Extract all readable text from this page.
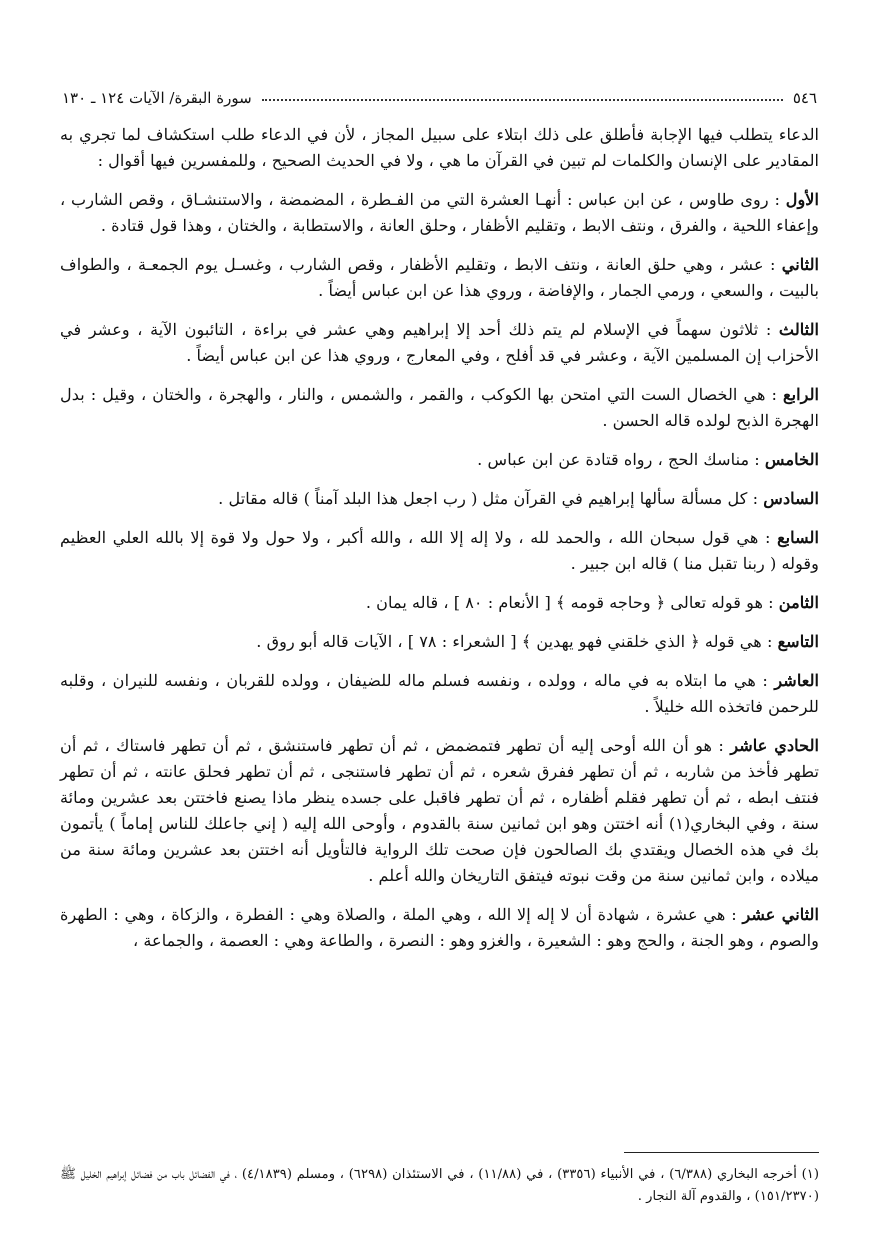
٥٤٦
سورة البقرة/ الآيات ١٢٤ ـ ١٣٠

الدعاء يتطلب فيها الإجابة فأطلق على ذلك ابتلاء على سبيل المجاز ، لأن في الدعاء طلب استكشاف لما تجري به المقادير على الإنسان والكلمات لم تبين في القرآن ما هي ، ولا في الحديث الصحيح ، وللمفسرين فيها أقوال :

الأول : روى طاوس ، عن ابن عباس : أنهـا العشرة التي من الفـطرة ، المضمضة ، والاستنشـاق ، وقص الشارب ، وإعفاء اللحية ، والفرق ، ونتف الابط ، وتقليم الأظفار ، وحلق العانة ، والاستطابة ، والختان ، وهذا قول قتادة .

الثاني : عشر ، وهي حلق العانة ، ونتف الابط ، وتقليم الأظفار ، وقص الشارب ، وغسـل يوم الجمعـة ، والطواف بالبيت ، والسعي ، ورمي الجمار ، والإفاضة ، وروي هذا عن ابن عباس أيضاً .

الثالث : ثلاثون سهماً في الإسلام لم يتم ذلك أحد إلا إبراهيم وهي عشر في براءة ، التائبون الآية ، وعشر في الأحزاب إن المسلمين الآية ، وعشر في قد أفلح ، وفي المعارج ، وروي هذا عن ابن عباس أيضاً .

الرابع : هي الخصال الست التي امتحن بها الكوكب ، والقمر ، والشمس ، والنار ، والهجرة ، والختان ، وقيل : بدل الهجرة الذبح لولده قاله الحسن .

الخامس : مناسك الحج ، رواه قتادة عن ابن عباس .

السادس : كل مسألة سألها إبراهيم في القرآن مثل ( رب اجعل هذا البلد آمناً ) قاله مقاتل .

السابع : هي قول سبحان الله ، والحمد لله ، ولا إله إلا الله ، والله أكبر ، ولا حول ولا قوة إلا بالله العلي العظيم وقوله ( ربنا تقبل منا ) قاله ابن جبير .

الثامن : هو قوله تعالى ﴿ وحاجه قومه ﴾ [ الأنعام : ٨٠ ] ، قاله يمان .

التاسع : هي قوله ﴿ الذي خلقني فهو يهدين ﴾ [ الشعراء : ٧٨ ] ، الآيات قاله أبو روق .

العاشر : هي ما ابتلاه به في ماله ، وولده ، ونفسه فسلم ماله للضيفان ، وولده للقربان ، ونفسه للنيران ، وقلبه للرحمن فاتخذه الله خليلاً .

الحادي عاشر : هو أن الله أوحى إليه أن تطهر فتمضمض ، ثم أن تطهر فاستنشق ، ثم أن تطهر فاستاك ، ثم أن تطهر فأخذ من شاربه ، ثم أن تطهر ففرق شعره ، ثم أن تطهر فاستنجى ، ثم أن تطهر فحلق عانته ، ثم أن تطهر فنتف ابطه ، ثم أن تطهر فقلم أظفاره ، ثم أن تطهر فاقبل على جسده ينظر ماذا يصنع فاختتن بعد عشرين ومائة سنة ، وفي البخاري(١) أنه اختتن وهو ابن ثمانين سنة بالقدوم ، وأوحى الله إليه ( إني جاعلك للناس إماماً ) يأتمون بك في هذه الخصال ويقتدي بك الصالحون فإن صحت تلك الرواية فالتأويل أنه اختتن بعد عشرين ومائة سنة من ميلاده ، وابن ثمانين سنة من وقت نبوته فيتفق التاريخان والله أعلم .

الثاني عشر : هي عشرة ، شهادة أن لا إله إلا الله ، وهي الملة ، والصلاة وهي : الفطرة ، والزكاة ، وهي : الطهرة والصوم ، وهو الجنة ، والحج وهو : الشعيرة ، والغزو وهو : النصرة ، والطاعة وهي : العصمة ، والجماعة ،

(١) أخرجه البخاري (٦/٣٨٨) ، في الأنبياء (٣٣٥٦) ، في (١١/٨٨) ، في الاستئذان (٦٢٩٨) ، ومسلم (٤/١٨٣٩) ، في الفضائل باب من فضائل إبراهيم الخليل ﷺ (١٥١/٢٣٧٠) ، والقدوم آلة النجار .
